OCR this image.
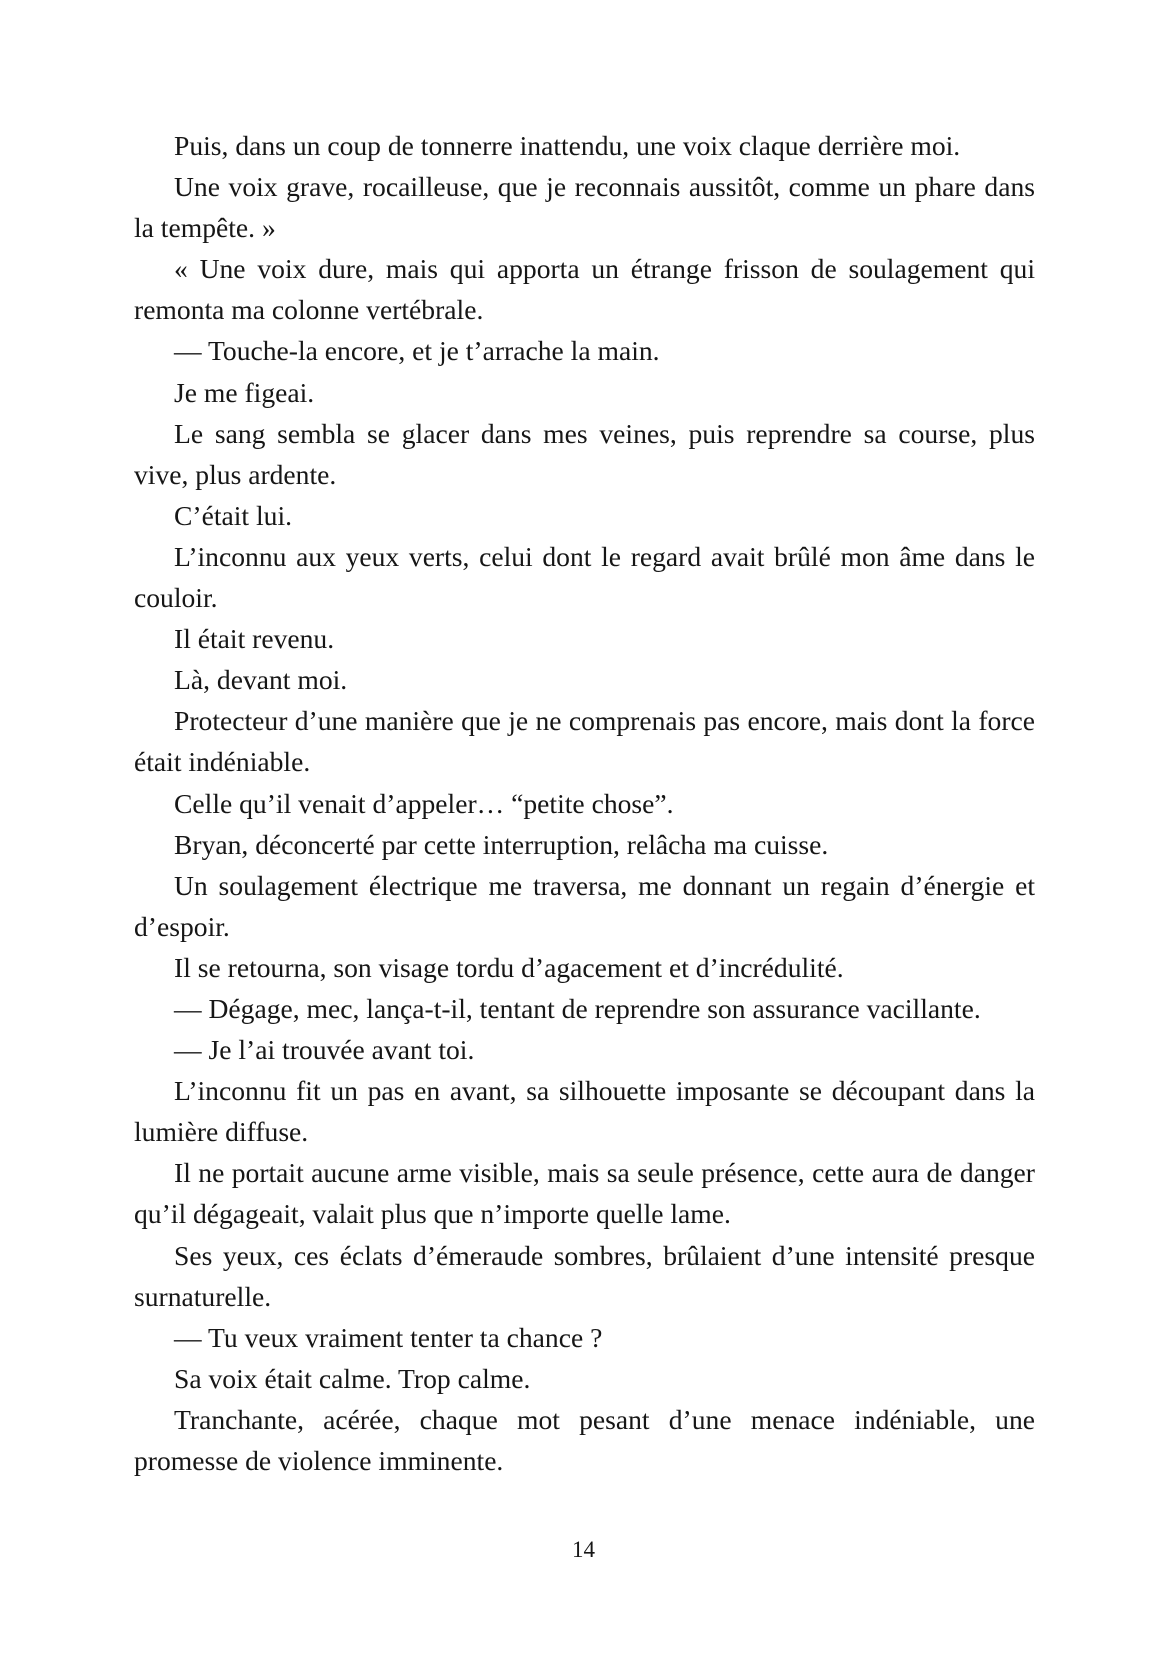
Puis, dans un coup de tonnerre inattendu, une voix claque derrière moi.

Une voix grave, rocailleuse, que je reconnais aussitôt, comme un phare dans la tempête. »

« Une voix dure, mais qui apporta un étrange frisson de soulagement qui remonta ma colonne vertébrale.

— Touche-la encore, et je t’arrache la main.

Je me figeai.

Le sang sembla se glacer dans mes veines, puis reprendre sa course, plus vive, plus ardente.

C’était lui.

L’inconnu aux yeux verts, celui dont le regard avait brûlé mon âme dans le couloir.

Il était revenu.

Là, devant moi.

Protecteur d’une manière que je ne comprenais pas encore, mais dont la force était indéniable.

Celle qu’il venait d’appeler… “petite chose”.

Bryan, déconcerté par cette interruption, relâcha ma cuisse.

Un soulagement électrique me traversa, me donnant un regain d’énergie et d’espoir.

Il se retourna, son visage tordu d’agacement et d’incrédulité.

— Dégage, mec, lança-t-il, tentant de reprendre son assurance vacillante.

— Je l’ai trouvée avant toi.

L’inconnu fit un pas en avant, sa silhouette imposante se découpant dans la lumière diffuse.

Il ne portait aucune arme visible, mais sa seule présence, cette aura de danger qu’il dégageait, valait plus que n’importe quelle lame.

Ses yeux, ces éclats d’émeraude sombres, brûlaient d’une intensité presque surnaturelle.

— Tu veux vraiment tenter ta chance ?

Sa voix était calme. Trop calme.

Tranchante, acérée, chaque mot pesant d’une menace indéniable, une promesse de violence imminente.

14
